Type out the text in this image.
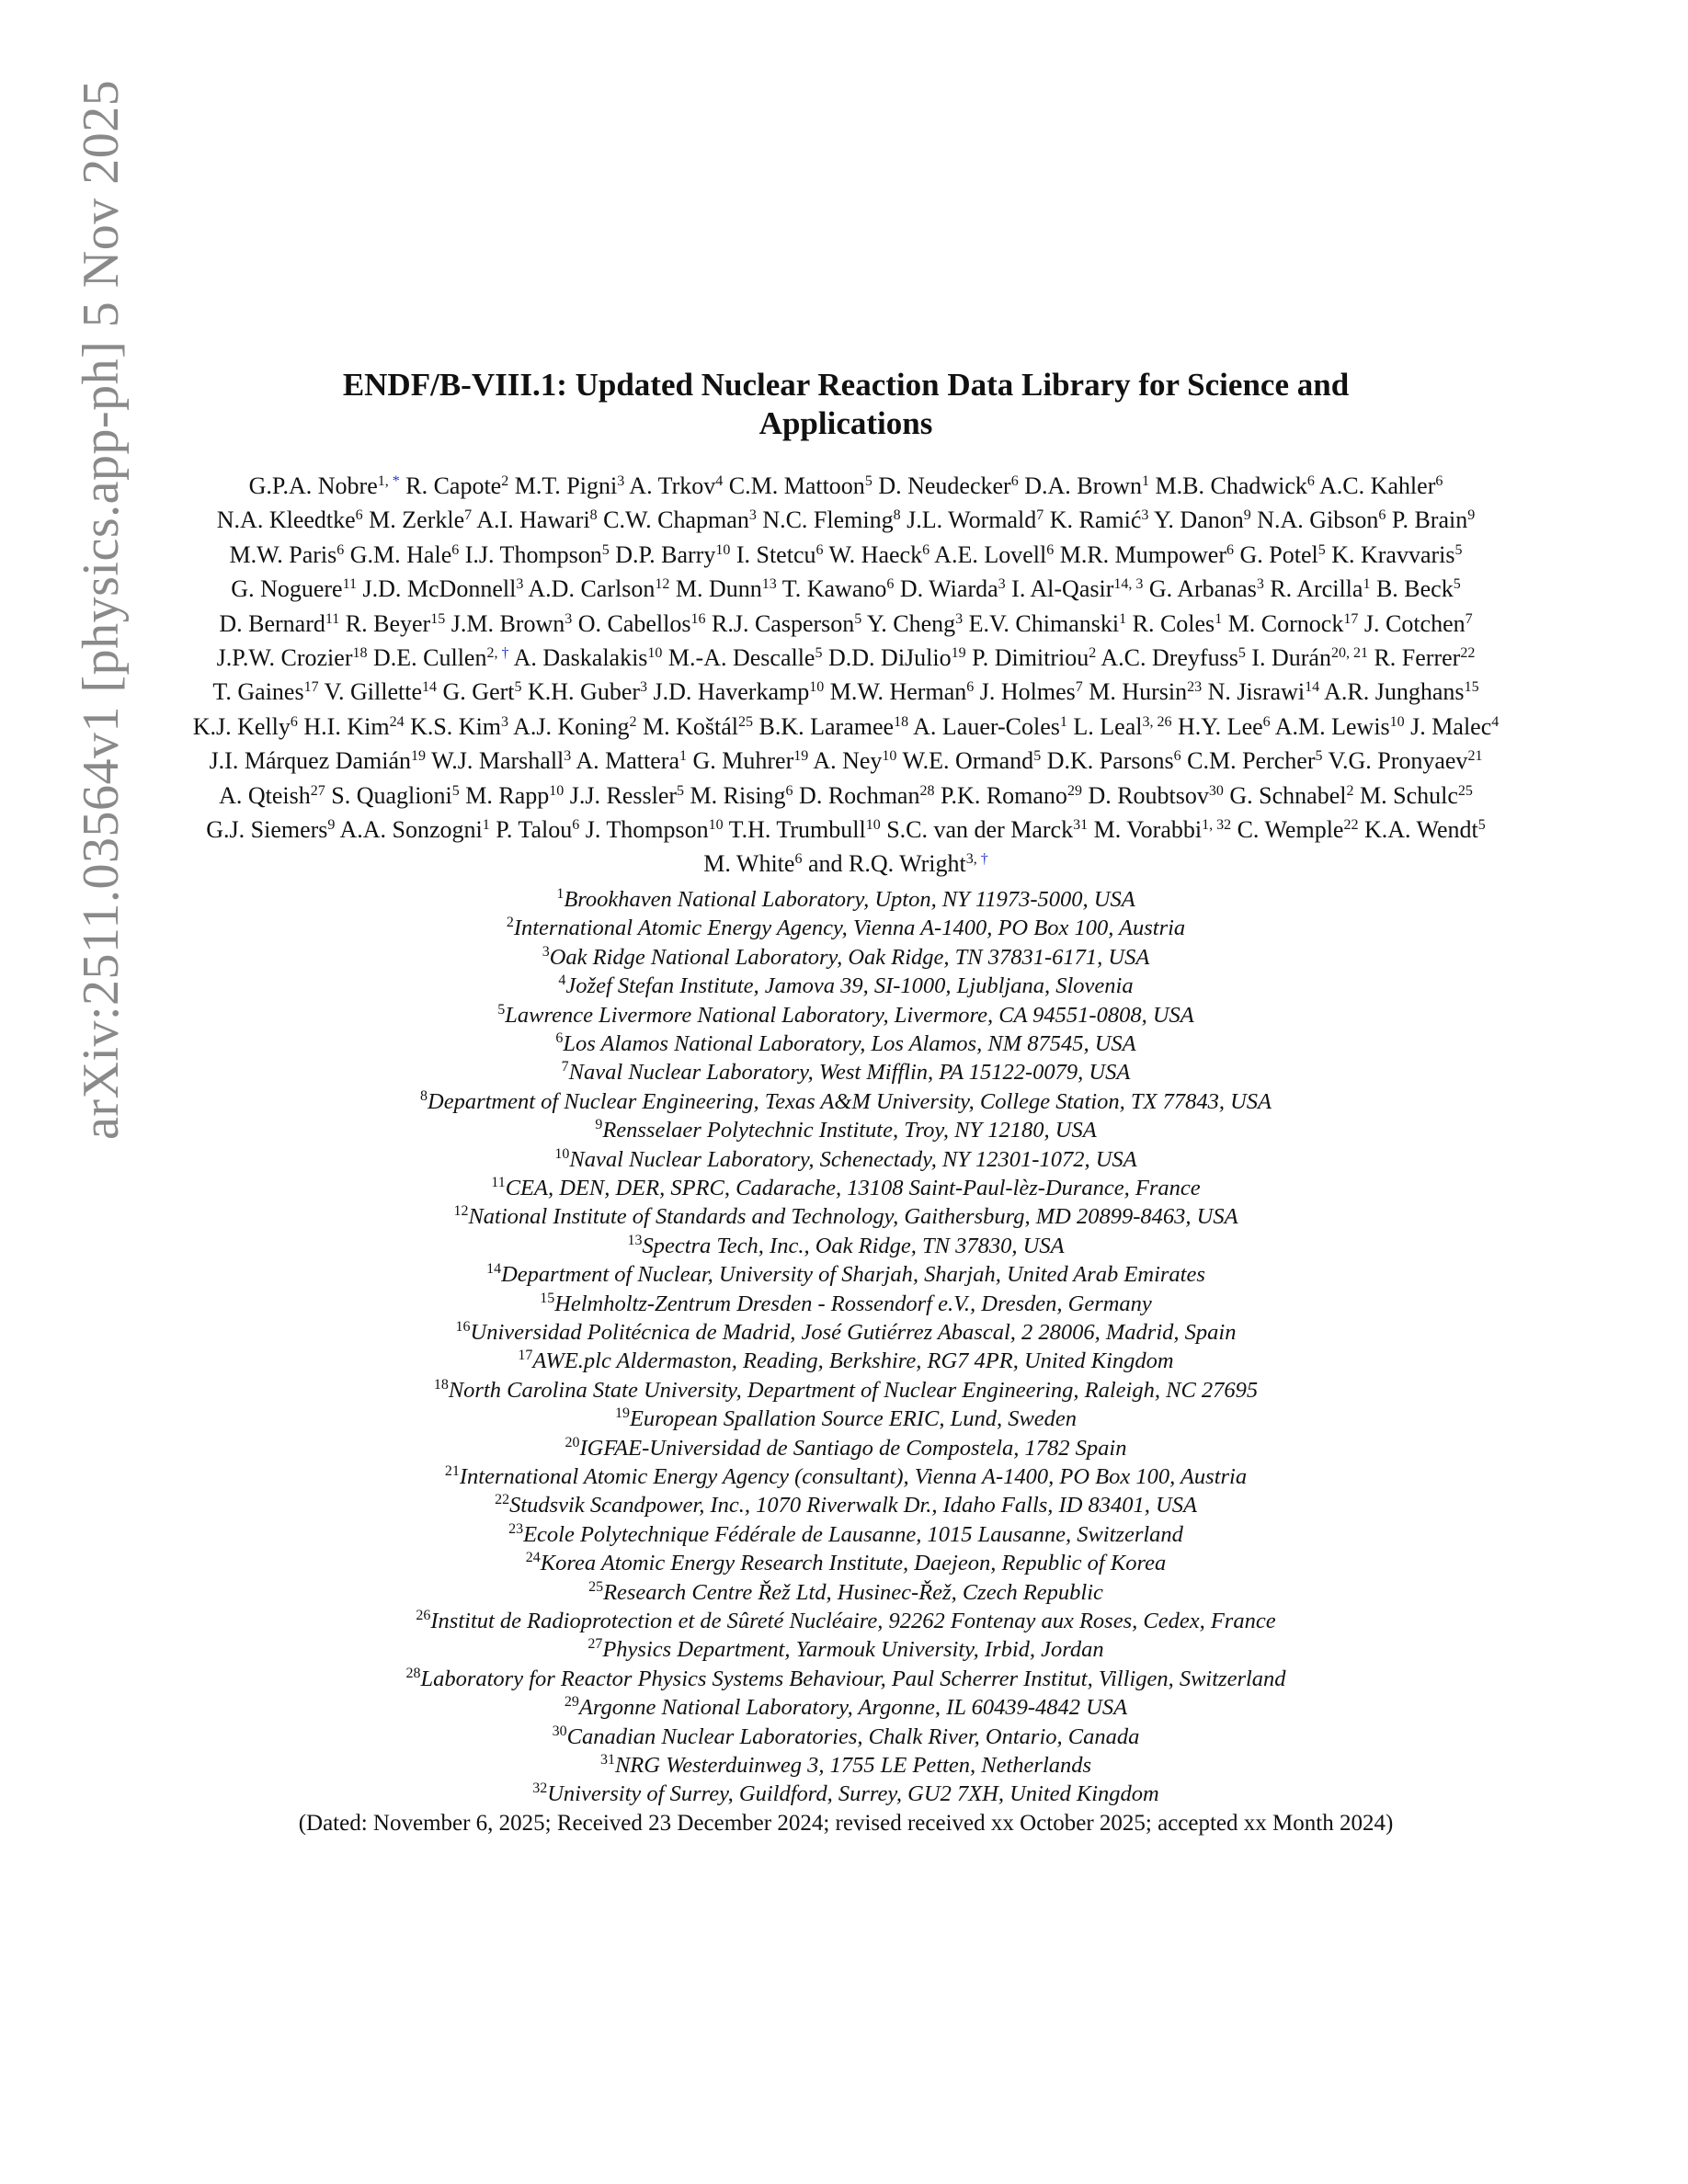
arXiv:2511.03564v1 [physics.app-ph] 5 Nov 2025	ENDF/B-VIII.1: Updated Nuclear Reaction Data Library for Science and
Applications
G.P.A. Nobre$^{1, *}$ R. Capote$^2$ M.T. Pigni$^3$ A. Trkov$^4$ C.M. Mattoon$^5$ D. Neudecker$^6$ D.A. Brown$^1$ M.B. Chadwick$^6$ A.C. Kahler$^6$ N.A. Kleedtke$^6$ M. Zerkle$^7$ A.I. Hawari$^8$ C.W. Chapman$^3$ N.C. Fleming$^8$ J.L. Wormald$^7$ K. Ramić$^3$ Y. Danon$^9$ N.A. Gibson$^6$ P. Brain$^9$ M.W. Paris$^6$ G.M. Hale$^6$ I.J. Thompson$^5$ D.P. Barry$^{10}$ I. Stetcu$^6$ W. Haeck$^6$ A.E. Lovell$^6$ M.R. Mumpower$^6$ G. Potel$^5$ K. Kravvaris$^5$ G. Noguere$^{11}$ J.D. McDonnell$^3$ A.D. Carlson$^{12}$ M. Dunn$^{13}$ T. Kawano$^6$ D. Wiarda$^3$ I. Al-Qasir$^{14, 3}$ G. Arbanas$^3$ R. Arcilla$^1$ B. Beck$^5$ D. Bernard$^{11}$ R. Beyer$^{15}$ J.M. Brown$^3$ O. Cabellos$^{16}$ R.J. Casperson$^5$ Y. Cheng$^3$ E.V. Chimanski$^1$ R. Coles$^1$ M. Cornock$^{17}$ J. Cotchen$^7$ J.P.W. Crozier$^{18}$ D.E. Cullen$^{2, \dagger}$ A. Daskalakis$^{10}$ M.-A. Descalle$^5$ D.D. DiJulio$^{19}$ P. Dimitriou$^2$ A.C. Dreyfuss$^5$ I. Durán$^{20, 21}$ R. Ferrer$^{22}$ T. Gaines$^{17}$ V. Gillette$^{14}$ G. Gert$^5$ K.H. Guber$^3$ J.D. Haverkamp$^{10}$ M.W. Herman$^6$ J. Holmes$^7$ M. Hursin$^{23}$ N. Jisrawi$^{14}$ A.R. Junghans$^{15}$ K.J. Kelly$^6$ H.I. Kim$^{24}$ K.S. Kim$^3$ A.J. Koning$^2$ M. Koštál$^{25}$ B.K. Laramee$^{18}$ A. Lauer-Coles$^1$ L. Leal$^{3, 26}$ H.Y. Lee$^6$ A.M. Lewis$^{10}$ J. Malec$^4$ J.I. Márquez Damián$^{19}$ W.J. Marshall$^3$ A. Mattera$^1$ G. Muhrer$^{19}$ A. Ney$^{10}$ W.E. Ormand$^5$ D.K. Parsons$^6$ C.M. Percher$^5$ V.G. Pronyaev$^{21}$ A. Qteish$^{27}$ S. Quaglioni$^5$ M. Rapp$^{10}$ J.J. Ressler$^5$ M. Rising$^6$ D. Rochman$^{28}$ P.K. Romano$^{29}$ D. Roubtsov$^{30}$ G. Schnabel$^2$ M. Schulc$^{25}$ G.J. Siemers$^9$ A.A. Sonzogni$^1$ P. Talou$^6$ J. Thompson$^{10}$ T.H. Trumbull$^{10}$ S.C. van der Marck$^{31}$ M. Vorabbi$^{1, 32}$ C. Wemple$^{22}$ K.A. Wendt$^5$ M. White$^6$ and R.Q. Wright$^{3, \dagger}$
$^1$Brookhaven National Laboratory, Upton, NY 11973-5000, USA
$^2$International Atomic Energy Agency, Vienna A-1400, PO Box 100, Austria
$^3$Oak Ridge National Laboratory, Oak Ridge, TN 37831-6171, USA
$^4$Jožef Stefan Institute, Jamova 39, SI-1000, Ljubljana, Slovenia
$^5$Lawrence Livermore National Laboratory, Livermore, CA 94551-0808, USA
$^6$Los Alamos National Laboratory, Los Alamos, NM 87545, USA
$^7$Naval Nuclear Laboratory, West Mifflin, PA 15122-0079, USA
$^8$Department of Nuclear Engineering, Texas A&M University, College Station, TX 77843, USA
$^9$Rensselaer Polytechnic Institute, Troy, NY 12180, USA
$^{10}$Naval Nuclear Laboratory, Schenectady, NY 12301-1072, USA
$^{11}$CEA, DEN, DER, SPRC, Cadarache, 13108 Saint-Paul-lèz-Durance, France
$^{12}$National Institute of Standards and Technology, Gaithersburg, MD 20899-8463, USA
$^{13}$Spectra Tech, Inc., Oak Ridge, TN 37830, USA
$^{14}$Department of Nuclear, University of Sharjah, Sharjah, United Arab Emirates
$^{15}$Helmholtz-Zentrum Dresden - Rossendorf e.V., Dresden, Germany
$^{16}$Universidad Politécnica de Madrid, José Gutiérrez Abascal, 2 28006, Madrid, Spain
$^{17}$AWE.plc Aldermaston, Reading, Berkshire, RG7 4PR, United Kingdom
$^{18}$North Carolina State University, Department of Nuclear Engineering, Raleigh, NC 27695
$^{19}$European Spallation Source ERIC, Lund, Sweden
$^{20}$IGFAE-Universidad de Santiago de Compostela, 1782 Spain
$^{21}$International Atomic Energy Agency (consultant), Vienna A-1400, PO Box 100, Austria
$^{22}$Studsvik Scandpower, Inc., 1070 Riverwalk Dr., Idaho Falls, ID 83401, USA
$^{23}$Ecole Polytechnique Fédérale de Lausanne, 1015 Lausanne, Switzerland
$^{24}$Korea Atomic Energy Research Institute, Daejeon, Republic of Korea
$^{25}$Research Centre Řež Ltd, Husinec-Řež, Czech Republic
$^{26}$Institut de Radioprotection et de Sûreté Nucléaire, 92262 Fontenay aux Roses, Cedex, France
$^{27}$Physics Department, Yarmouk University, Irbid, Jordan
$^{28}$Laboratory for Reactor Physics Systems Behaviour, Paul Scherrer Institut, Villigen, Switzerland
$^{29}$Argonne National Laboratory, Argonne, IL 60439-4842 USA
$^{30}$Canadian Nuclear Laboratories, Chalk River, Ontario, Canada
$^{31}$NRG Westerduinweg 3, 1755 LE Petten, Netherlands
$^{32}$University of Surrey, Guildford, Surrey, GU2 7XH, United Kingdom
(Dated: November 6, 2025; Received 23 December 2024; revised received xx October 2025; accepted xx Month 2024)
